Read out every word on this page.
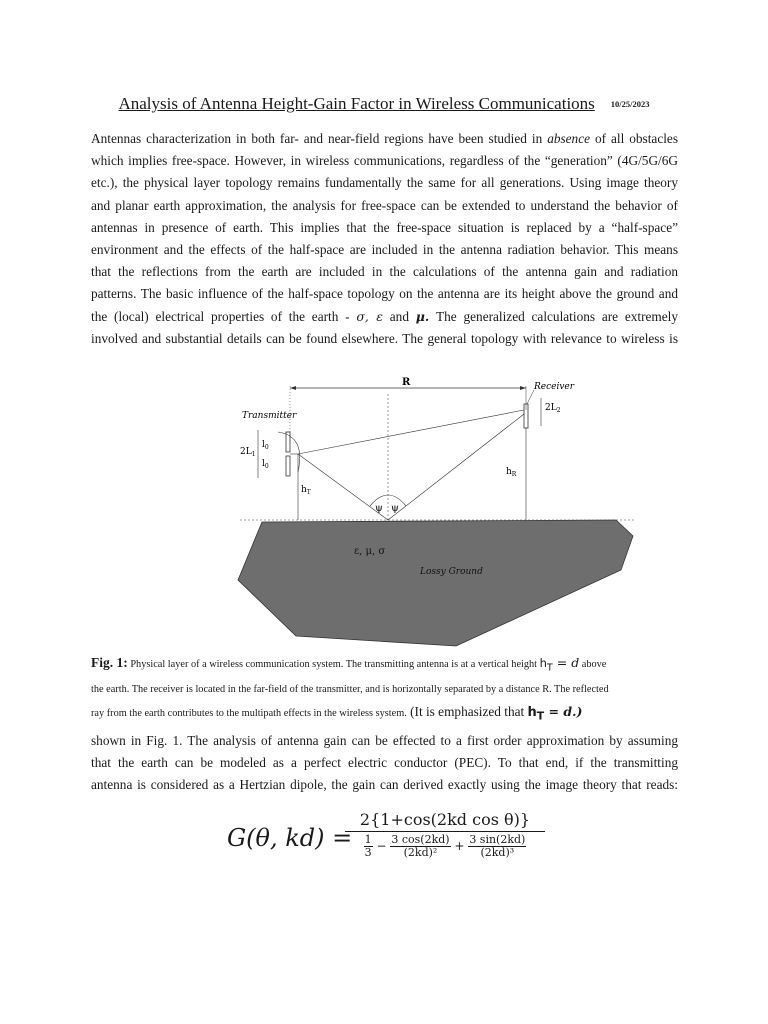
Analysis of Antenna Height-Gain Factor in Wireless Communications 10/25/2023
Antennas characterization in both far- and near-field regions have been studied in absence of all obstacles
which implies free-space. However, in wireless communications, regardless of the “generation” (4G/5G/6G
etc.), the physical layer topology remains fundamentally the same for all generations. Using image theory
and planar earth approximation, the analysis for free-space can be extended to understand the behavior of
antennas in presence of earth. This implies that the free-space situation is replaced by a “half-space”
environment and the effects of the half-space are included in the antenna radiation behavior. This means
that the reflections from the earth are included in the calculations of the antenna gain and radiation
patterns. The basic influence of the half-space topology on the antenna are its height above the ground and
the (local) electrical properties of the earth - σ, ε and μ. The generalized calculations are extremely
involved and substantial details can be found elsewhere. The general topology with relevance to wireless is
R	Receiver
$2L_2$
Transmitter
$2L_1$
$l_0$
$l_0$
$h_T$
$h_R$
ψ ψ
ε, μ, σ
Lossy Ground
Fig. 1: Physical layer of a wireless communication system. The transmitting antenna is at a vertical height $h_T = d$ above
the earth. The receiver is located in the far-field of the transmitter, and is horizontally separated by a distance R. The reflected
ray from the earth contributes to the multipath effects in the wireless system. (It is emphasized that $h_T = d$.)
shown in Fig. 1. The analysis of antenna gain can be effected to a first order approximation by assuming
that the earth can be modeled as a perfect electric conductor (PEC). To that end, if the transmitting
antenna is considered as a Hertzian dipole, the gain can derived exactly using the image theory that reads:
G(θ, kd) =
2{1+cos(2kd cos θ)}
$\frac{1}{3} - \frac{3 \cos(2kd)}{\text{(2kd)²}} + \frac{3 \sin(2kd)}{\text{(2kd)³}}$
